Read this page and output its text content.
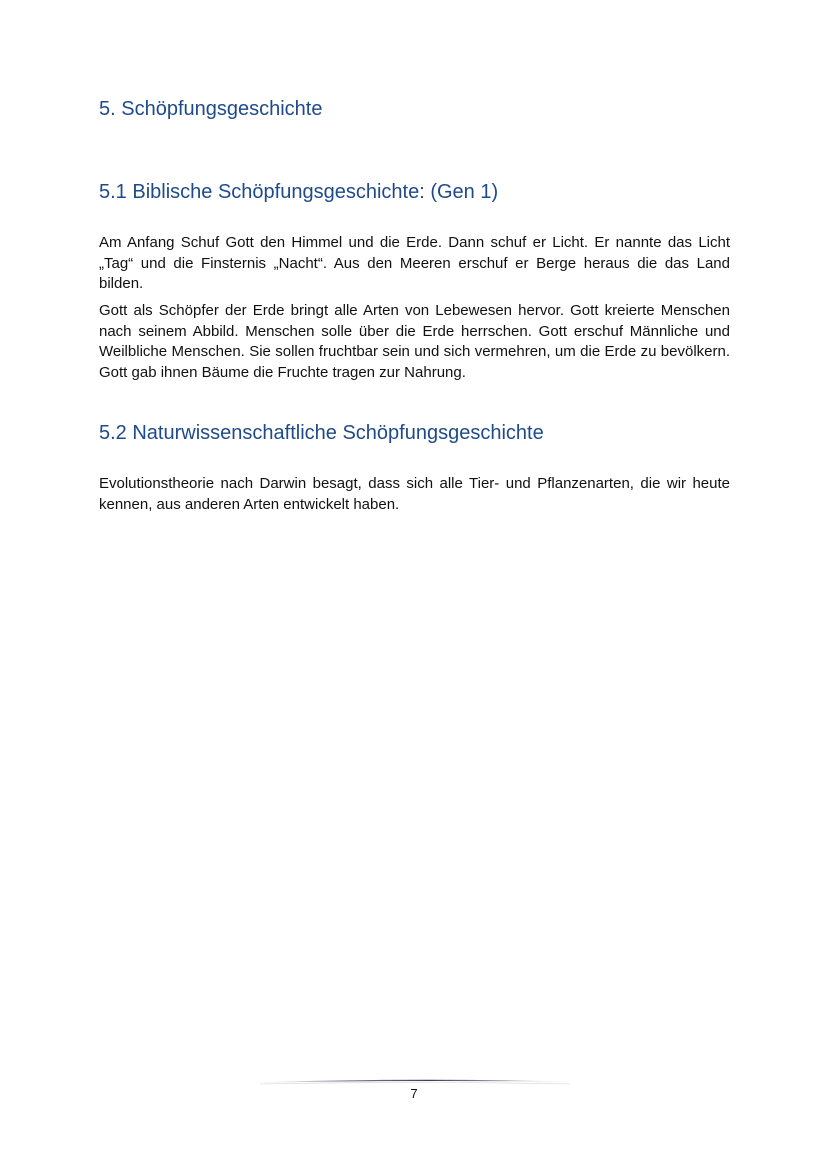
5. Schöpfungsgeschichte
5.1 Biblische Schöpfungsgeschichte: (Gen 1)

Am Anfang Schuf Gott den Himmel und die Erde. Dann schuf er Licht. Er nannte das Licht „Tag“ und die Finsternis „Nacht“. Aus den Meeren erschuf er Berge heraus die das Land bilden.

Gott als Schöpfer der Erde bringt alle Arten von Lebewesen hervor. Gott kreierte Menschen nach seinem Abbild. Menschen solle über die Erde herrschen. Gott erschuf Männliche und Weilbliche Menschen. Sie sollen fruchtbar sein und sich vermehren, um die Erde zu bevölkern. Gott gab ihnen Bäume die Fruchte tragen zur Nahrung.

5.2 Naturwissenschaftliche Schöpfungsgeschichte

Evolutionstheorie nach Darwin besagt, dass sich alle Tier- und Pflanzenarten, die wir heute kennen, aus anderen Arten entwickelt haben.

7
